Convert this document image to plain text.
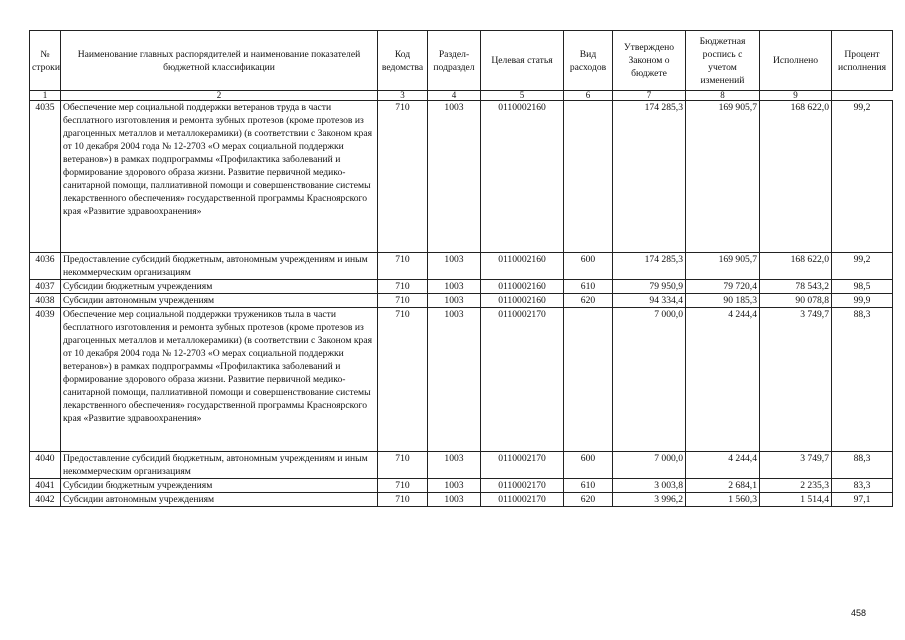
№ строки	Наименование главных распорядителей и наименование показателей бюджетной классификации	Код ведомства	Раздел-подраздел	Целевая статья	Вид расходов	Утверждено Законом о бюджете	Бюджетная роспись с учетом изменений	Исполнено	Процент исполнения
1	2	3	4	5	6	7	8	9	
4035	Обеспечение мер социальной поддержки ветеранов труда в части бесплатного изготовления и ремонта зубных протезов (кроме протезов из драгоценных металлов и металлокерамики) (в соответствии с Законом края от 10 декабря 2004 года № 12-2703 «О мерах социальной поддержки ветеранов») в рамках подпрограммы «Профилактика заболеваний и формирование здорового образа жизни. Развитие первичной медико-санитарной помощи, паллиативной помощи и совершенствование системы лекарственного обеспечения» государственной программы Красноярского края «Развитие здравоохранения»	710	1003	0110002160		174 285,3	169 905,7	168 622,0	99,2
4036	Предоставление субсидий бюджетным, автономным учреждениям и иным некоммерческим организациям	710	1003	0110002160	600	174 285,3	169 905,7	168 622,0	99,2
4037	Субсидии бюджетным учреждениям	710	1003	0110002160	610	79 950,9	79 720,4	78 543,2	98,5
4038	Субсидии автономным учреждениям	710	1003	0110002160	620	94 334,4	90 185,3	90 078,8	99,9
4039	Обеспечение мер социальной поддержки тружеников тыла в части бесплатного изготовления и ремонта зубных протезов (кроме протезов из драгоценных металлов и металлокерамики) (в соответствии с Законом края от 10 декабря 2004 года № 12-2703 «О мерах социальной поддержки ветеранов») в рамках подпрограммы «Профилактика заболеваний и формирование здорового образа жизни. Развитие первичной медико-санитарной помощи, паллиативной помощи и совершенствование системы лекарственного обеспечения» государственной программы Красноярского края «Развитие здравоохранения»	710	1003	0110002170		7 000,0	4 244,4	3 749,7	88,3
4040	Предоставление субсидий бюджетным, автономным учреждениям и иным некоммерческим организациям	710	1003	0110002170	600	7 000,0	4 244,4	3 749,7	88,3
4041	Субсидии бюджетным учреждениям	710	1003	0110002170	610	3 003,8	2 684,1	2 235,3	83,3
4042	Субсидии автономным учреждениям	710	1003	0110002170	620	3 996,2	1 560,3	1 514,4	97,1
458
